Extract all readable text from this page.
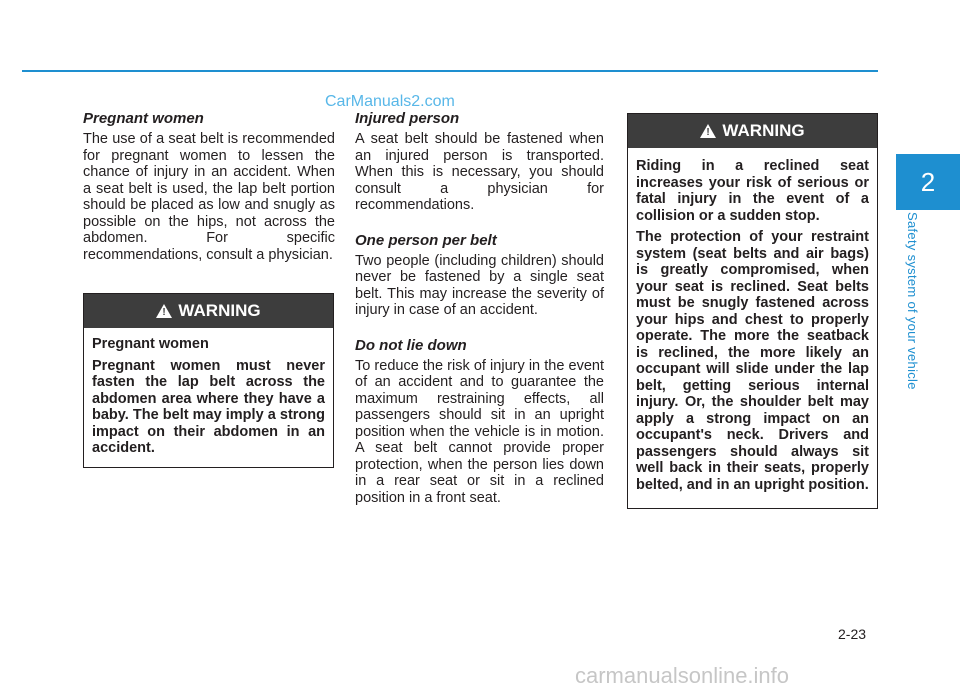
CarManuals2.com

Pregnant women

The use of a seat belt is recommended for pregnant women to lessen the chance of injury in an accident. When a seat belt is used, the lap belt portion should be placed as low and snugly as possible on the hips, not across the abdomen. For specific recommendations, consult a physician.

! WARNING

Pregnant women

Pregnant women must never fasten the lap belt across the abdomen area where they have a baby. The belt may imply a strong impact on their abdomen in an accident.

Injured person

A seat belt should be fastened when an injured person is transported. When this is necessary, you should consult a physician for recommendations.

One person per belt

Two people (including children) should never be fastened by a single seat belt. This may increase the severity of injury in case of an accident.

Do not lie down

To reduce the risk of injury in the event of an accident and to guarantee the maximum restraining effects, all passengers should sit in an upright position when the vehicle is in motion. A seat belt cannot provide proper protection, when the person lies down in a rear seat or sit in a reclined position in a front seat.

! WARNING

Riding in a reclined seat increases your risk of serious or fatal injury in the event of a collision or a sudden stop.

The protection of your restraint system (seat belts and air bags) is greatly compromised, when your seat is reclined. Seat belts must be snugly fastened across your hips and chest to properly operate. The more the seatback is reclined, the more likely an occupant will slide under the lap belt, getting serious internal injury. Or, the shoulder belt may apply a strong impact on an occupant's neck. Drivers and passengers should always sit well back in their seats, properly belted, and in an upright position.

2
Safety system of your vehicle
2-23
carmanualsonline.info
